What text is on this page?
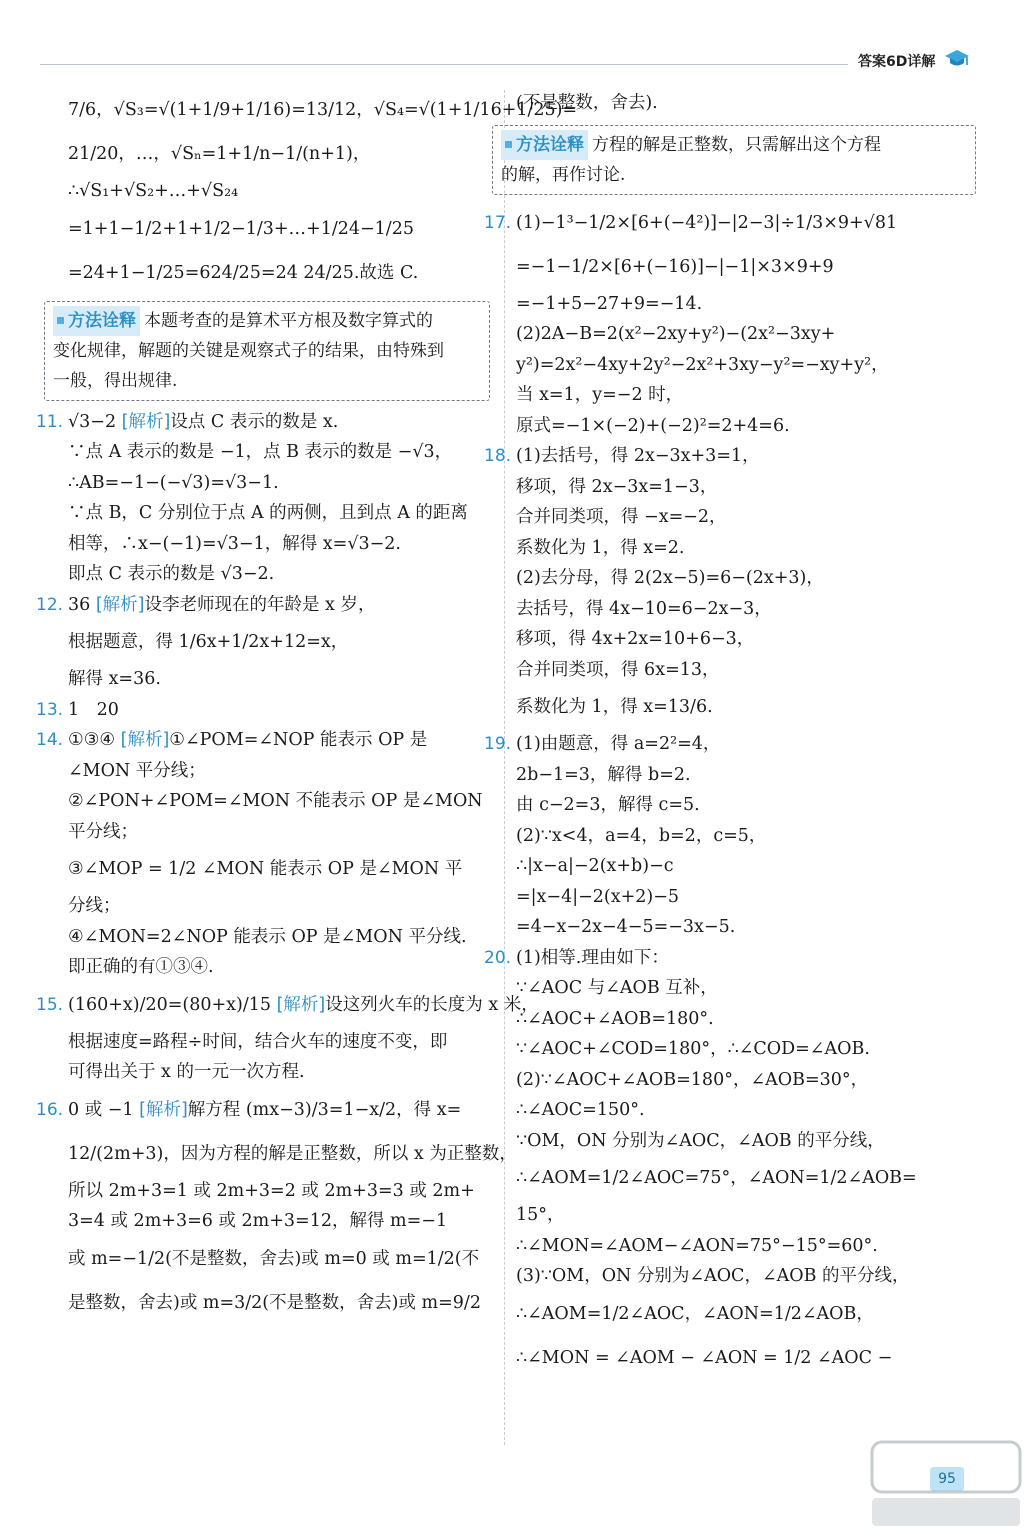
答案6D详解
7/6，√S₃=√(1+1/9+1/16)=13/12，√S₄=√(1+1/16+1/25)=
21/20，…，√Sₙ=1+1/n−1/(n+1)，
∴√S₁+√S₂+…+√S₂₄
=1+1−1/2+1+1/2−1/3+…+1/24−1/25
=24+1−1/25=624/25=24 24/25.故选 C.
方法诠释 本题考查的是算术平方根及数字算式的
变化规律，解题的关键是观察式子的结果，由特殊到
一般，得出规律.
11. √3−2 [解析]设点 C 表示的数是 x.
∵点 A 表示的数是 −1，点 B 表示的数是 −√3，
∴AB=−1−(−√3)=√3−1.
∵点 B，C 分别位于点 A 的两侧，且到点 A 的距离
相等，∴x−(−1)=√3−1，解得 x=√3−2.
即点 C 表示的数是 √3−2.
12. 36 [解析]设李老师现在的年龄是 x 岁，
根据题意，得 1/6x+1/2x+12=x，
解得 x=36.
13. 1　20
14. ①③④ [解析]①∠POM=∠NOP 能表示 OP 是
∠MON 平分线；
②∠PON+∠POM=∠MON 不能表示 OP 是∠MON
平分线；
③∠MOP = 1/2 ∠MON 能表示 OP 是∠MON 平
分线；
④∠MON=2∠NOP 能表示 OP 是∠MON 平分线.
即正确的有①③④.
15. (160+x)/20=(80+x)/15 [解析]设这列火车的长度为 x 米，
根据速度=路程÷时间，结合火车的速度不变，即
可得出关于 x 的一元一次方程.
16. 0 或 −1 [解析]解方程 (mx−3)/3=1−x/2，得 x=
12/(2m+3)，因为方程的解是正整数，所以 x 为正整数，
所以 2m+3=1 或 2m+3=2 或 2m+3=3 或 2m+
3=4 或 2m+3=6 或 2m+3=12，解得 m=−1
或 m=−1/2(不是整数，舍去)或 m=0 或 m=1/2(不
是整数，舍去)或 m=3/2(不是整数，舍去)或 m=9/2
(不是整数，舍去).
方法诠释 方程的解是正整数，只需解出这个方程
的解，再作讨论.
17. (1)−1³−1/2×[6+(−4²)]−|2−3|÷1/3×9+√81
=−1−1/2×[6+(−16)]−|−1|×3×9+9
=−1+5−27+9=−14.
(2)2A−B=2(x²−2xy+y²)−(2x²−3xy+
y²)=2x²−4xy+2y²−2x²+3xy−y²=−xy+y²，
当 x=1，y=−2 时，
原式=−1×(−2)+(−2)²=2+4=6.
18. (1)去括号，得 2x−3x+3=1，
移项，得 2x−3x=1−3，
合并同类项，得 −x=−2，
系数化为 1，得 x=2.
(2)去分母，得 2(2x−5)=6−(2x+3)，
去括号，得 4x−10=6−2x−3，
移项，得 4x+2x=10+6−3，
合并同类项，得 6x=13，
系数化为 1，得 x=13/6.
19. (1)由题意，得 a=2²=4，
2b−1=3，解得 b=2.
由 c−2=3，解得 c=5.
(2)∵x<4，a=4，b=2，c=5，
∴|x−a|−2(x+b)−c
=|x−4|−2(x+2)−5
=4−x−2x−4−5=−3x−5.
20. (1)相等.理由如下：
∵∠AOC 与∠AOB 互补，
∴∠AOC+∠AOB=180°.
∵∠AOC+∠COD=180°，∴∠COD=∠AOB.
(2)∵∠AOC+∠AOB=180°，∠AOB=30°，
∴∠AOC=150°.
∵OM，ON 分别为∠AOC，∠AOB 的平分线，
∴∠AOM=1/2∠AOC=75°，∠AON=1/2∠AOB=
15°，
∴∠MON=∠AOM−∠AON=75°−15°=60°.
(3)∵OM，ON 分别为∠AOC，∠AOB 的平分线，
∴∠AOM=1/2∠AOC，∠AON=1/2∠AOB，
∴∠MON = ∠AOM − ∠AON = 1/2 ∠AOC −
95
